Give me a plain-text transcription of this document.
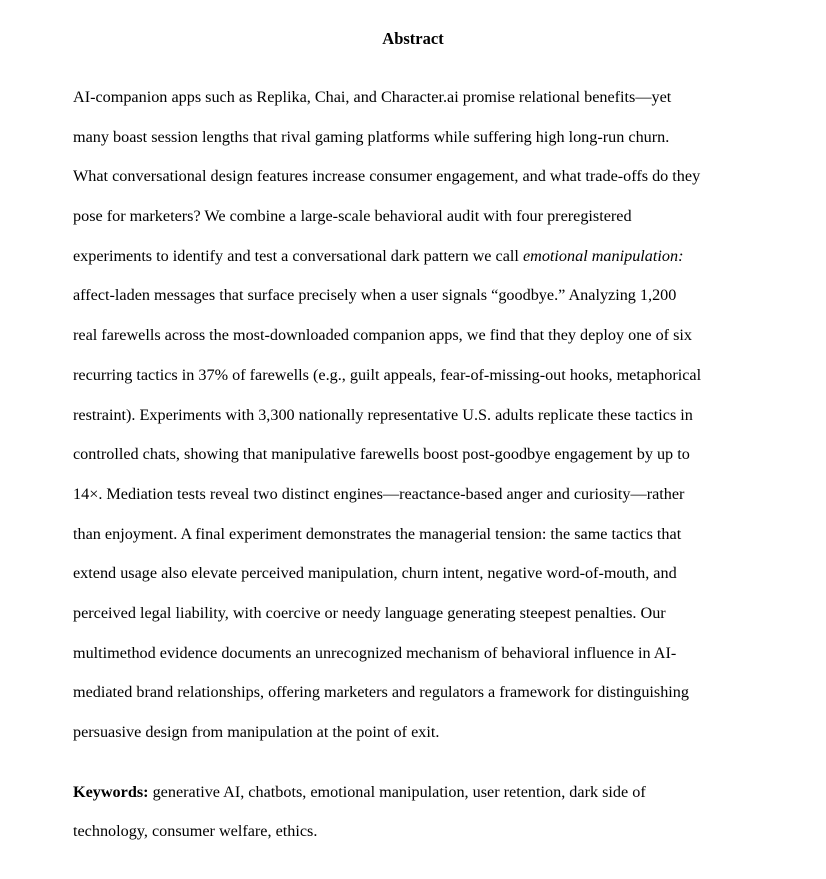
Abstract
AI-companion apps such as Replika, Chai, and Character.ai promise relational benefits—yet
many boast session lengths that rival gaming platforms while suffering high long-run churn.
What conversational design features increase consumer engagement, and what trade-offs do they
pose for marketers? We combine a large-scale behavioral audit with four preregistered
experiments to identify and test a conversational dark pattern we call emotional manipulation:
affect-laden messages that surface precisely when a user signals “goodbye.” Analyzing 1,200
real farewells across the most-downloaded companion apps, we find that they deploy one of six
recurring tactics in 37% of farewells (e.g., guilt appeals, fear-of-missing-out hooks, metaphorical
restraint). Experiments with 3,300 nationally representative U.S. adults replicate these tactics in
controlled chats, showing that manipulative farewells boost post-goodbye engagement by up to
14×. Mediation tests reveal two distinct engines—reactance-based anger and curiosity—rather
than enjoyment. A final experiment demonstrates the managerial tension: the same tactics that
extend usage also elevate perceived manipulation, churn intent, negative word-of-mouth, and
perceived legal liability, with coercive or needy language generating steepest penalties. Our
multimethod evidence documents an unrecognized mechanism of behavioral influence in AI-
mediated brand relationships, offering marketers and regulators a framework for distinguishing
persuasive design from manipulation at the point of exit.
Keywords: generative AI, chatbots, emotional manipulation, user retention, dark side of
technology, consumer welfare, ethics.
